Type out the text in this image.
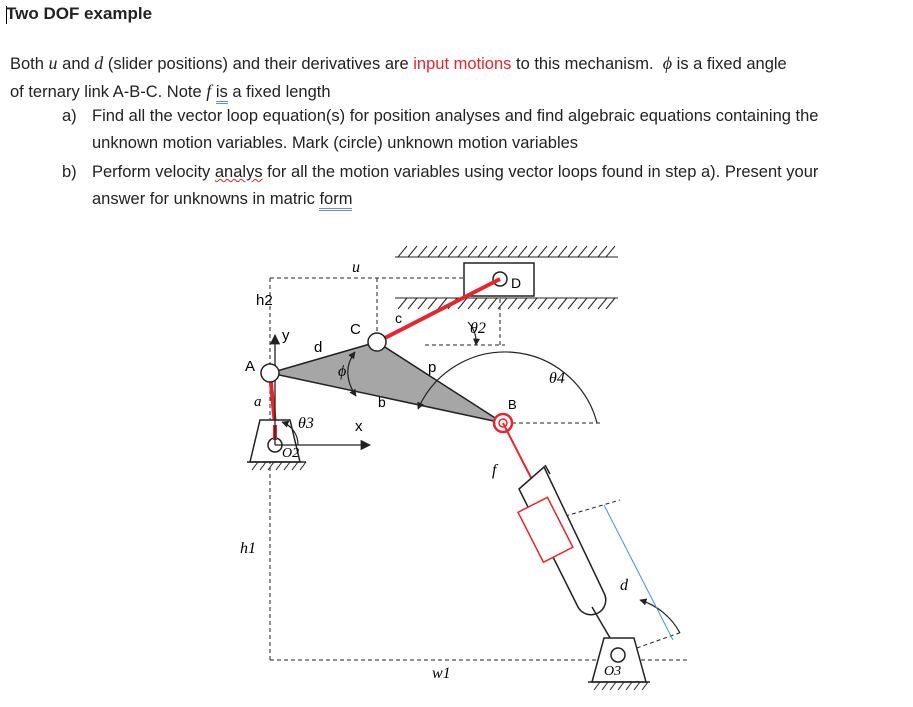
Two DOF example
Both u and d (slider positions) and their derivatives are input motions to this mechanism. ϕ is a fixed angle
of ternary link A-B-C. Note f is a fixed length
a) Find all the vector loop equation(s) for position analyses and find algebraic equations containing the
unknown motion variables. Mark (circle) unknown motion variables
b) Perform velocity analys for all the motion variables using vector loops found in step a). Present your
answer for unknowns in matric form
u
D
h2
c
θ2
y
d
C
A	ϕ	p
θ4
a
θ3
b	B
x
O2
f
h1
d
w1	O3
